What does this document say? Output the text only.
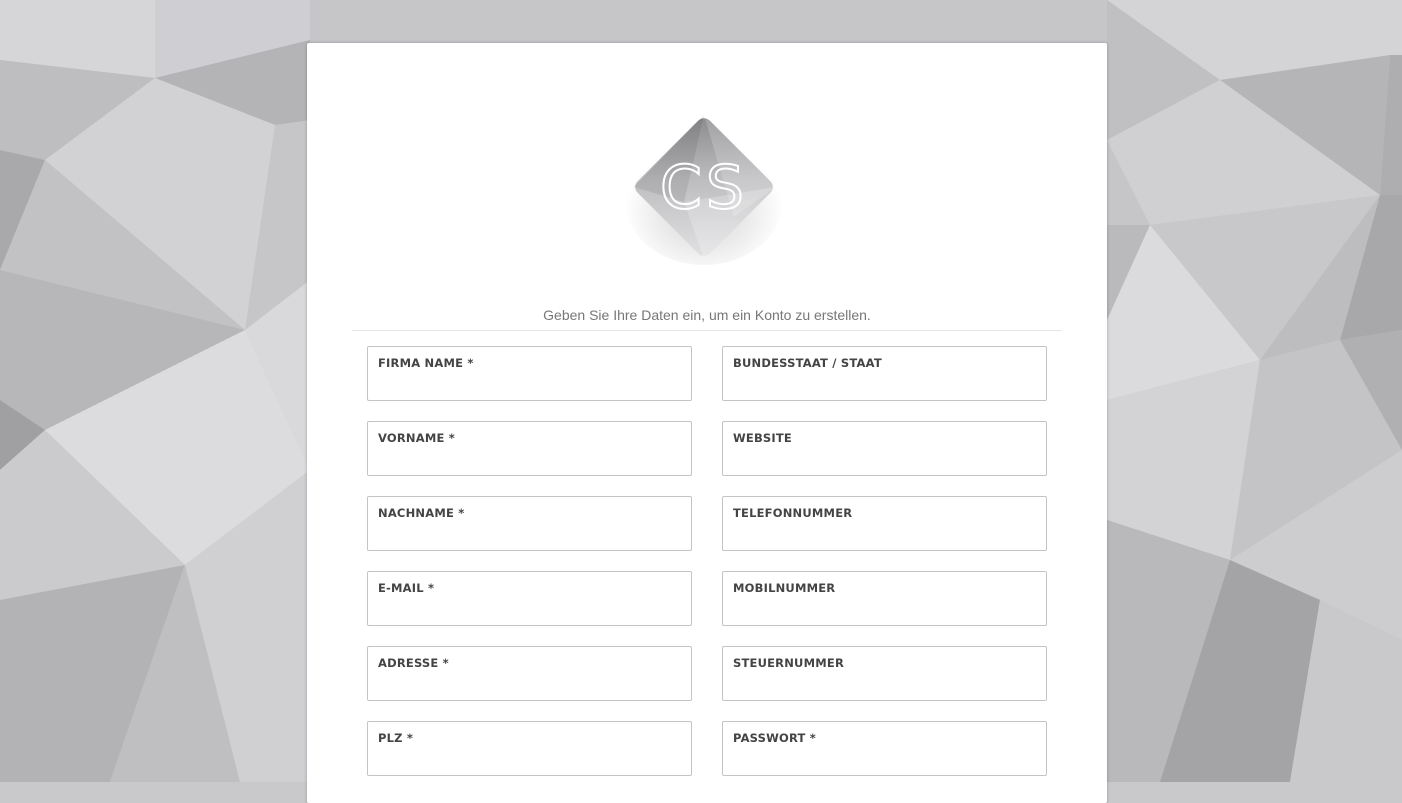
CS
Geben Sie Ihre Daten ein, um ein Konto zu erstellen.
FIRMA NAME *
VORNAME *
NACHNAME *
E-MAIL *
ADRESSE *
PLZ *
BUNDESSTAAT / STAAT
WEBSITE
TELEFONNUMMER
MOBILNUMMER
STEUERNUMMER
PASSWORT *
